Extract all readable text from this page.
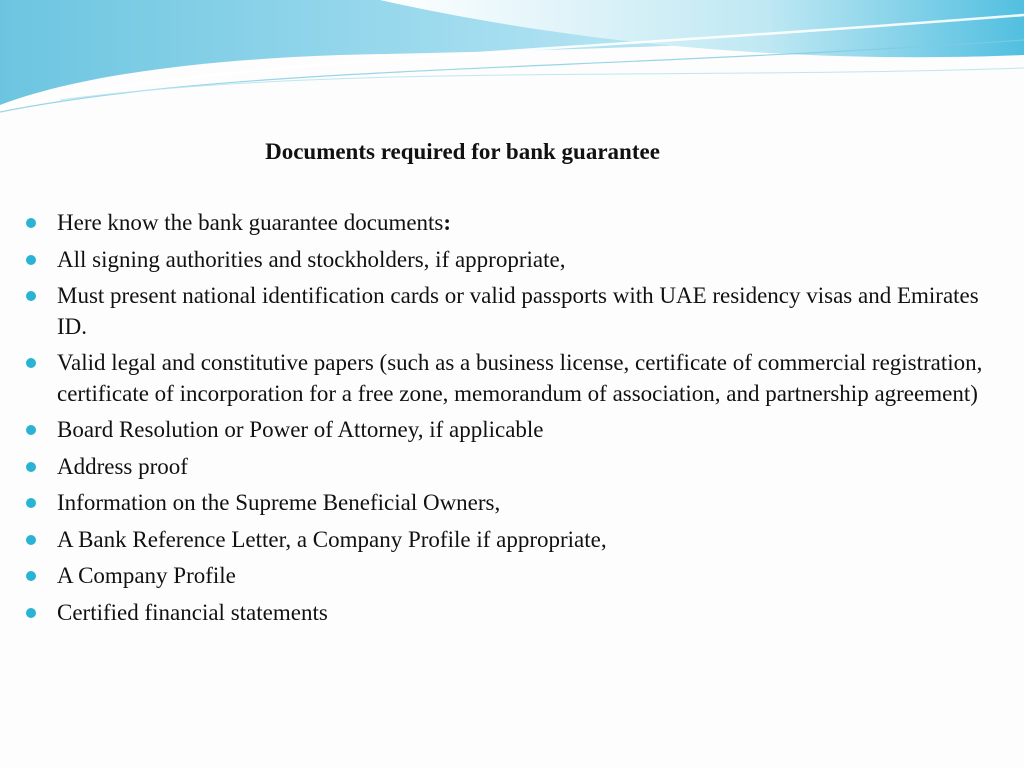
Documents required for bank guarantee
Here know the bank guarantee documents:
All signing authorities and stockholders, if appropriate,
Must present national identification cards or valid passports with UAE residency visas and Emirates ID.
Valid legal and constitutive papers (such as a business license, certificate of commercial registration, certificate of incorporation for a free zone, memorandum of association, and partnership agreement)
Board Resolution or Power of Attorney, if applicable
Address proof
Information on the Supreme Beneficial Owners,
A Bank Reference Letter, a Company Profile if appropriate,
A Company Profile
Certified financial statements
